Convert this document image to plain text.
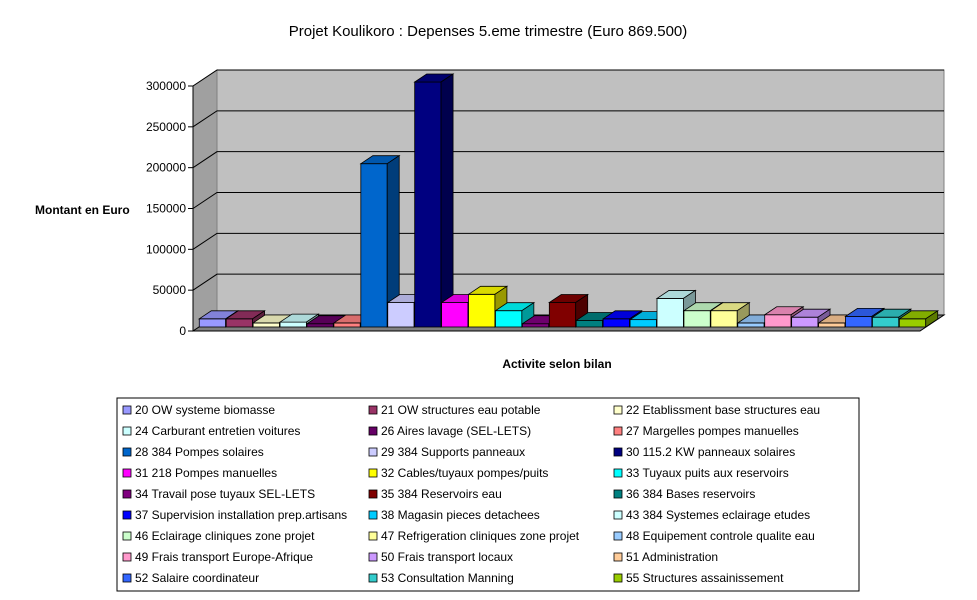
Projet Koulikoro : Depenses 5.eme trimestre (Euro 869.500)
0
50000
100000
150000
200000
250000
300000
Montant en Euro
Activite selon bilan
20 OW systeme biomasse	21 OW structures eau potable	22 Etablissment base structures eau
24 Carburant entretien voitures	26 Aires lavage (SEL-LETS)	27 Margelles pompes manuelles
28 384 Pompes solaires	29 384 Supports panneaux	30 115.2 KW panneaux solaires
31 218 Pompes manuelles	32 Cables/tuyaux pompes/puits	33 Tuyaux puits aux reservoirs
34 Travail pose tuyaux SEL-LETS	35 384 Reservoirs eau	36 384 Bases reservoirs
37 Supervision installation prep.artisans	38 Magasin pieces detachees	43 384 Systemes eclairage etudes
46 Eclairage cliniques zone projet	47 Refrigeration cliniques zone projet	48 Equipement controle qualite eau
49 Frais transport Europe-Afrique	50 Frais transport locaux	51 Administration
52 Salaire coordinateur	53 Consultation Manning	55 Structures assainissement
